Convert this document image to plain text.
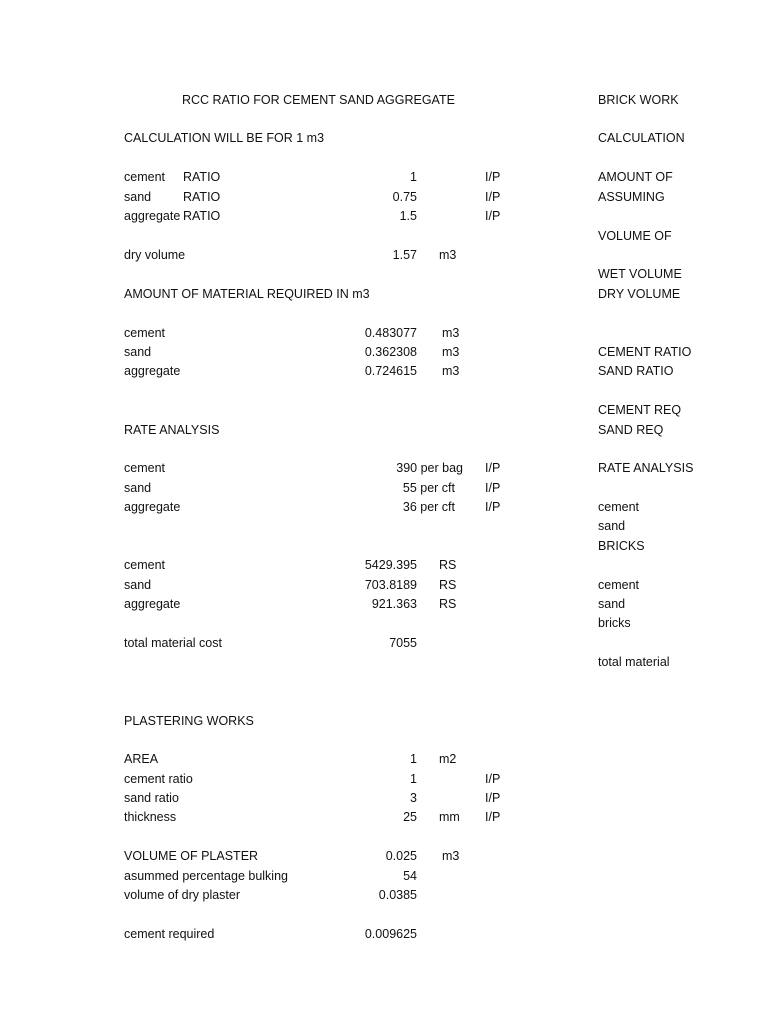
RCC RATIO FOR CEMENT SAND AGGREGATE
CALCULATION WILL BE FOR 1 m3
cement RATIO	1	I/P
sand	RATIO	0.75	I/P
aggregate RATIO	1.5	I/P
dry volume	1.57 m3
AMOUNT OF MATERIAL REQUIRED IN m3
cement	0.483077 m3
sand	0.362308 m3
aggregate	0.724615 m3
RATE ANALYSIS
cement	390 per bag I/P
sand	55 per cft I/P
aggregate	36 per cft I/P
cement	5429.395 RS
sand	703.8189 RS
aggregate	921.363 RS
total material cost	7055
PLASTERING WORKS
AREA	1 m2
cement ratio	1	I/P
sand ratio	3	I/P
thickness	25 mm I/P
VOLUME OF PLASTER	0.025 m3
asummed percentage bulking	54
volume of dry plaster	0.0385
cement required	0.009625
BRICK WORK
CALCULATION
AMOUNT OF
ASSUMING
VOLUME OF
WET VOLUME
DRY VOLUME
CEMENT RATIO
SAND RATIO
CEMENT REQ
SAND REQ
RATE ANALYSIS
cement
sand
BRICKS
cement
sand
bricks
total material
